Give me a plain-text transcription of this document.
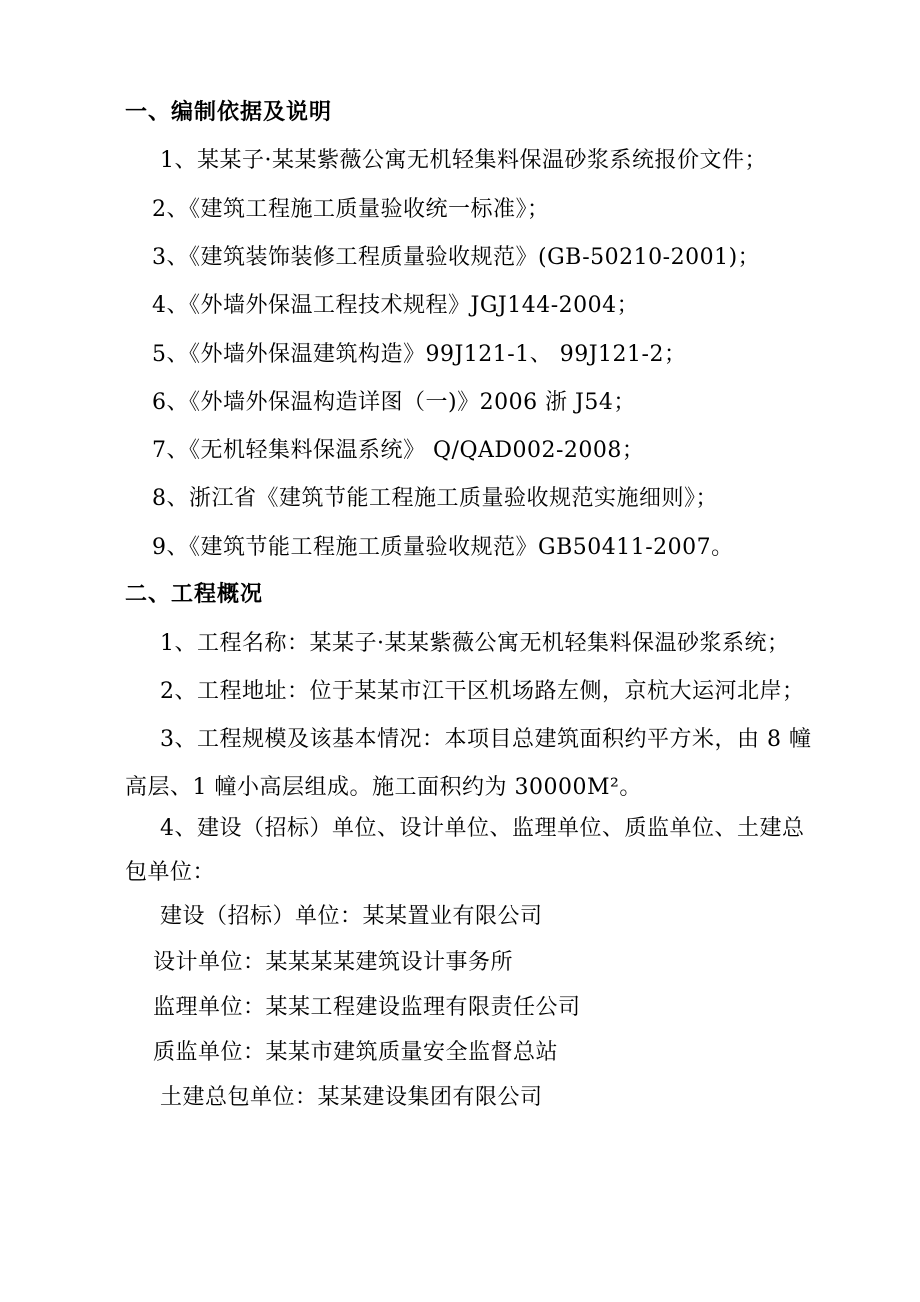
一、编制依据及说明
1、某某子·某某紫薇公寓无机轻集料保温砂浆系统报价文件；
2、《建筑工程施工质量验收统一标准》；
3、《建筑装饰装修工程质量验收规范》(GB-50210-2001)；
4、《外墙外保温工程技术规程》JGJ144-2004；
5、《外墙外保温建筑构造》99J121-1、 99J121-2；
6、《外墙外保温构造详图（一)》2006 浙 J54；
7、《无机轻集料保温系统》 Q/QAD002-2008；
8、浙江省《建筑节能工程施工质量验收规范实施细则》；
9、《建筑节能工程施工质量验收规范》GB50411-2007。
二、工程概况
1、工程名称：某某子·某某紫薇公寓无机轻集料保温砂浆系统；
2、工程地址：位于某某市江干区机场路左侧，京杭大运河北岸；
3、工程规模及该基本情况：本项目总建筑面积约平方米，由 8 幢
高层、1 幢小高层组成。施工面积约为 30000M²。
4、建设（招标）单位、设计单位、监理单位、质监单位、土建总
包单位：
建设（招标）单位：某某置业有限公司
设计单位：某某某某建筑设计事务所
监理单位：某某工程建设监理有限责任公司
质监单位：某某市建筑质量安全监督总站
土建总包单位：某某建设集团有限公司
